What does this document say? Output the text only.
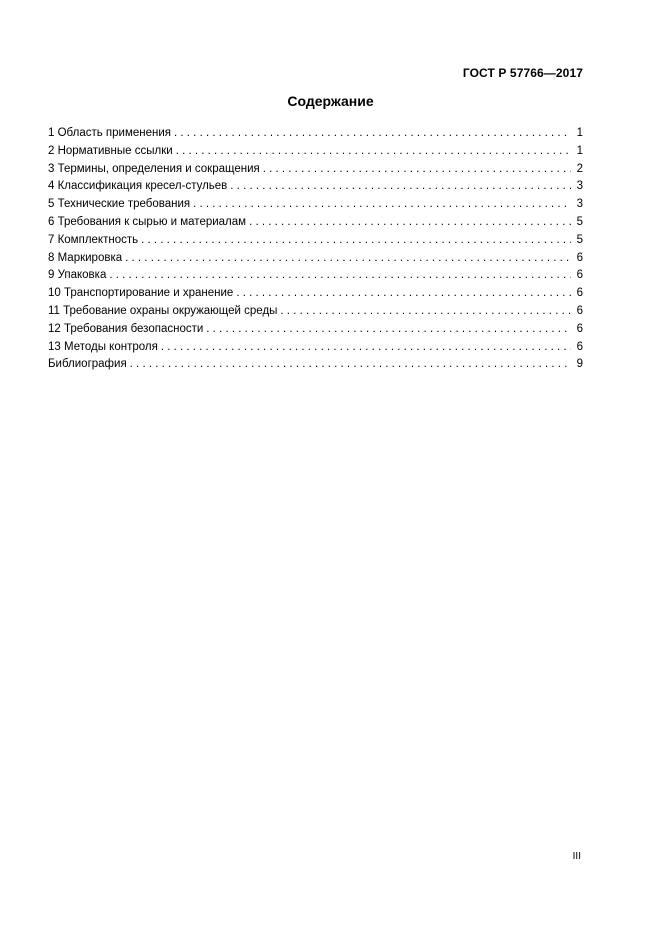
ГОСТ Р 57766—2017
Содержание
1 Область применения . . .	1
2 Нормативные ссылки . . .	1
3 Термины, определения и сокращения . . .	2
4 Классификация кресел-стульев . . .	3
5 Технические требования . . .	3
6 Требования к сырью и материалам . . .	5
7 Комплектность . . .	5
8 Маркировка . . .	6
9 Упаковка . . .	6
10 Транспортирование и хранение . . .	6
11 Требование охраны окружающей среды . . .	6
12 Требования безопасности . . .	6
13 Методы контроля . . .	6
Библиография . . .	9
III
